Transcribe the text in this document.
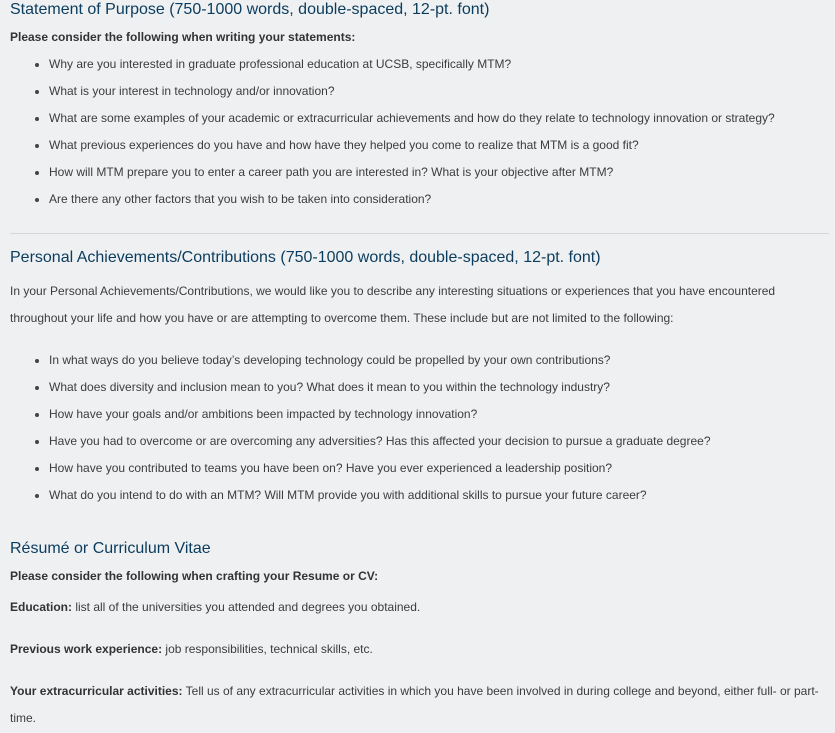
Statement of Purpose (750-1000 words, double-spaced, 12-pt. font)

Please consider the following when writing your statements:

Why are you interested in graduate professional education at UCSB, specifically MTM?
What is your interest in technology and/or innovation?
What are some examples of your academic or extracurricular achievements and how do they relate to technology innovation or strategy?
What previous experiences do you have and how have they helped you come to realize that MTM is a good fit?
How will MTM prepare you to enter a career path you are interested in? What is your objective after MTM?
Are there any other factors that you wish to be taken into consideration?
Personal Achievements/Contributions (750-1000 words, double-spaced, 12-pt. font)

In your Personal Achievements/Contributions, we would like you to describe any interesting situations or experiences that you have encountered throughout your life and how you have or are attempting to overcome them. These include but are not limited to the following:

In what ways do you believe today’s developing technology could be propelled by your own contributions?
What does diversity and inclusion mean to you? What does it mean to you within the technology industry?
How have your goals and/or ambitions been impacted by technology innovation?
Have you had to overcome or are overcoming any adversities? Has this affected your decision to pursue a graduate degree?
How have you contributed to teams you have been on? Have you ever experienced a leadership position?
What do you intend to do with an MTM? Will MTM provide you with additional skills to pursue your future career?
Résumé or Curriculum Vitae

Please consider the following when crafting your Resume or CV:

Education: list all of the universities you attended and degrees you obtained.

Previous work experience: job responsibilities, technical skills, etc.

Your extracurricular activities: Tell us of any extracurricular activities in which you have been involved in during college and beyond, either full- or part-time.
